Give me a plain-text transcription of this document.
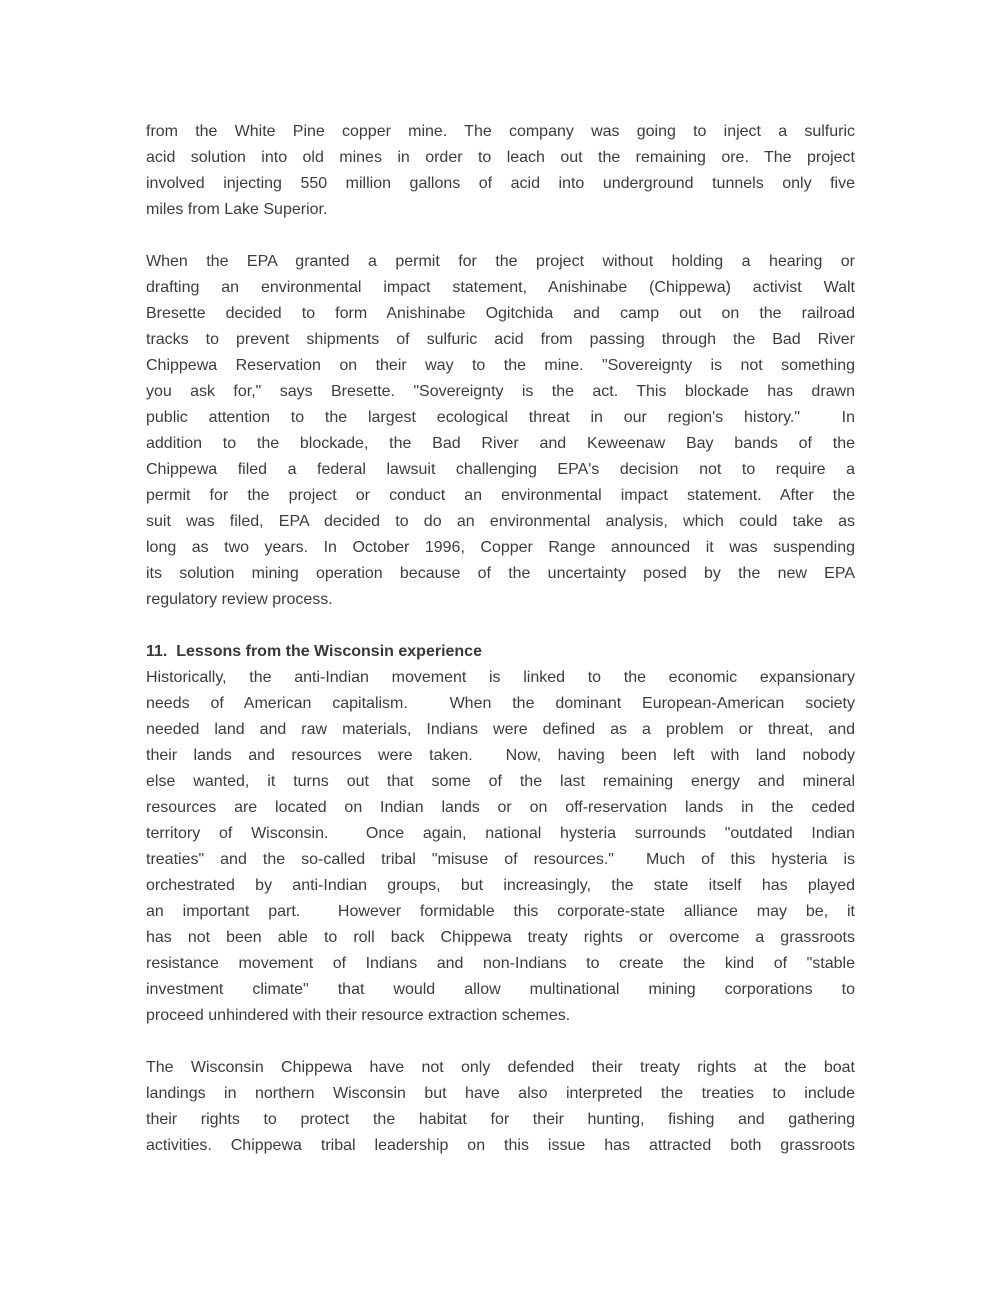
from the White Pine copper mine. The company was going to inject a sulfuric
acid solution into old mines in order to leach out the remaining ore. The project
involved injecting 550 million gallons of acid into underground tunnels only five
miles from Lake Superior.
When the EPA granted a permit for the project without holding a hearing or
drafting an environmental impact statement, Anishinabe (Chippewa) activist Walt
Bresette decided to form Anishinabe Ogitchida and camp out on the railroad
tracks to prevent shipments of sulfuric acid from passing through the Bad River
Chippewa Reservation on their way to the mine. "Sovereignty is not something
you ask for," says Bresette. "Sovereignty is the act. This blockade has drawn
public attention to the largest ecological threat in our region's history."  In
addition to the blockade, the Bad River and Keweenaw Bay bands of the
Chippewa filed a federal lawsuit challenging EPA's decision not to require a
permit for the project or conduct an environmental impact statement. After the
suit was filed, EPA decided to do an environmental analysis, which could take as
long as two years. In October 1996, Copper Range announced it was suspending
its solution mining operation because of the uncertainty posed by the new EPA
regulatory review process.
11.  Lessons from the Wisconsin experience
Historically, the anti-Indian movement is linked to the economic expansionary
needs of American capitalism.  When the dominant European-American society
needed land and raw materials, Indians were defined as a problem or threat, and
their lands and resources were taken.  Now, having been left with land nobody
else wanted, it turns out that some of the last remaining energy and mineral
resources are located on Indian lands or on off-reservation lands in the ceded
territory of Wisconsin.  Once again, national hysteria surrounds "outdated Indian
treaties" and the so-called tribal "misuse of resources."  Much of this hysteria is
orchestrated by anti-Indian groups, but increasingly, the state itself has played
an important part.  However formidable this corporate-state alliance may be, it
has not been able to roll back Chippewa treaty rights or overcome a grassroots
resistance movement of Indians and non-Indians to create the kind of "stable
investment climate" that would allow multinational mining corporations to
proceed unhindered with their resource extraction schemes.
The Wisconsin Chippewa have not only defended their treaty rights at the boat
landings in northern Wisconsin but have also interpreted the treaties to include
their rights to protect the habitat for their hunting, fishing and gathering
activities. Chippewa tribal leadership on this issue has attracted both grassroots
